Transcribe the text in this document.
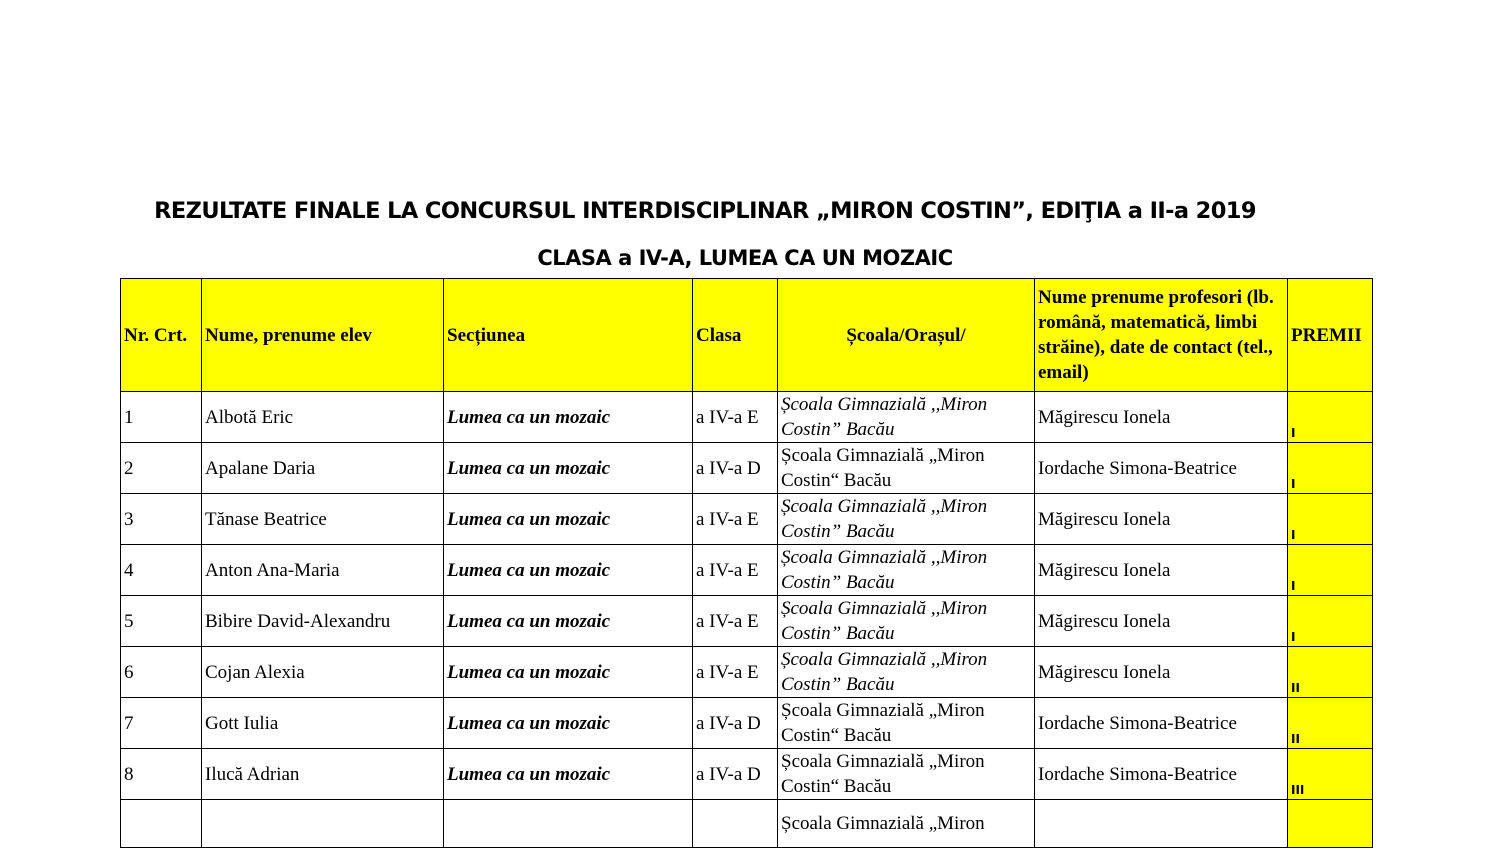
REZULTATE FINALE LA CONCURSUL INTERDISCIPLINAR „MIRON COSTIN”, EDIŢIA a II-a 2019
CLASA a IV-A, LUMEA CA UN MOZAIC
Nr. Crt.	Nume, prenume elev	Secțiunea	Clasa	Școala/Orașul/	Nume prenume profesori (lb. română, matematică, limbi străine), date de contact (tel., email)	PREMII
1	Albotă Eric	Lumea ca un mozaic	a IV-a E	Școala Gimnazială ,,Miron Costin” Bacău	Măgirescu Ionela	I
2	Apalane Daria	Lumea ca un mozaic	a IV-a D	Școala Gimnazială „Miron Costin“ Bacău	Iordache Simona-Beatrice	I
3	Tănase Beatrice	Lumea ca un mozaic	a IV-a E	Școala Gimnazială ,,Miron Costin” Bacău	Măgirescu Ionela	I
4	Anton Ana-Maria	Lumea ca un mozaic	a IV-a E	Școala Gimnazială ,,Miron Costin” Bacău	Măgirescu Ionela	I
5	Bibire David-Alexandru	Lumea ca un mozaic	a IV-a E	Școala Gimnazială ,,Miron Costin” Bacău	Măgirescu Ionela	I
6	Cojan Alexia	Lumea ca un mozaic	a IV-a E	Școala Gimnazială ,,Miron Costin” Bacău	Măgirescu Ionela	II
7	Gott Iulia	Lumea ca un mozaic	a IV-a D	Școala Gimnazială „Miron Costin“ Bacău	Iordache Simona-Beatrice	II
8	Ilucă Adrian	Lumea ca un mozaic	a IV-a D	Școala Gimnazială „Miron Costin“ Bacău	Iordache Simona-Beatrice	III
				Școala Gimnazială „Miron		
